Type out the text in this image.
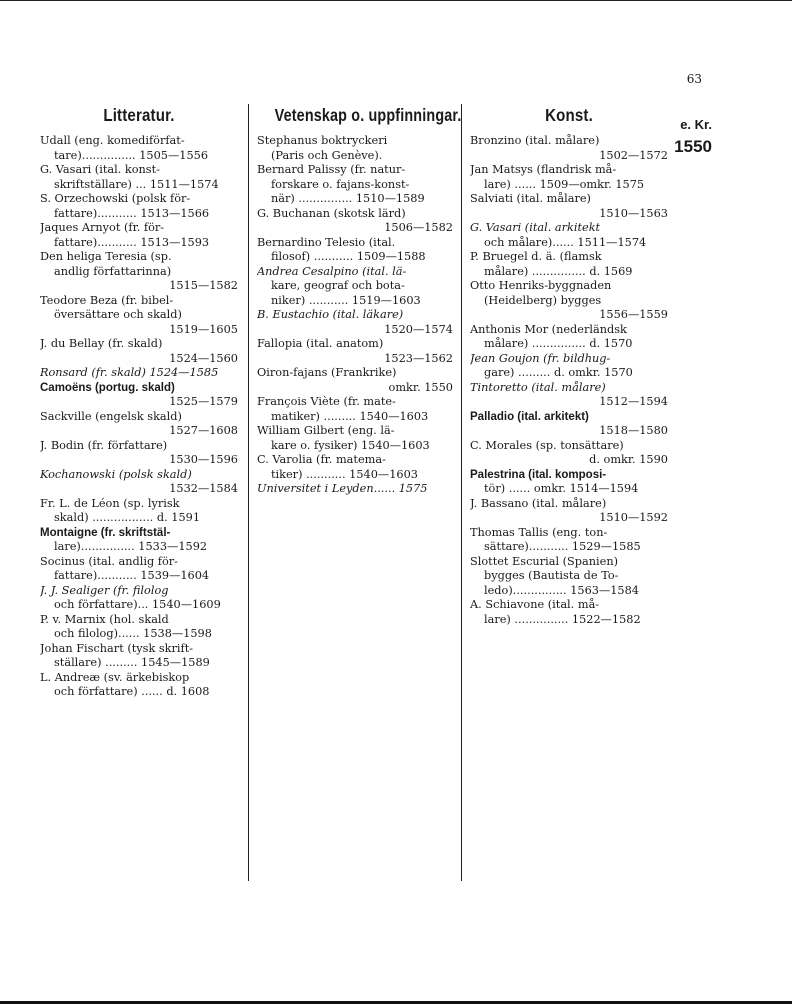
63
Litteratur.
Udall (eng. komediförfat-
tare)............... 1505—1556
G. Vasari (ital. konst-
skriftställare) ... 1511—1574
S. Orzechowski (polsk för-
fattare)........... 1513—1566
Jaques Arnyot (fr. för-
fattare)........... 1513—1593
Den heliga Teresia (sp.
andlig författarinna)
1515—1582
Teodore Beza (fr. bibel-
översättare och skald)
1519—1605
J. du Bellay (fr. skald)
1524—1560
Ronsard (fr. skald) 1524—1585
Camoëns (portug. skald)
1525—1579
Sackville (engelsk skald)
1527—1608
J. Bodin (fr. författare)
1530—1596
Kochanowski (polsk skald)
1532—1584
Fr. L. de Léon (sp. lyrisk
skald) ................. d. 1591
Montaigne (fr. skriftstäl-
lare)............... 1533—1592
Socinus (ital. andlig för-
fattare)........... 1539—1604
J. J. Sealiger (fr. filolog
och författare)... 1540—1609
P. v. Marnix (hol. skald
och filolog)...... 1538—1598
Johan Fischart (tysk skrift-
ställare) ......... 1545—1589
L. Andreæ (sv. ärkebiskop
och författare) ...... d. 1608
Vetenskap o. uppfinningar.
Stephanus boktryckeri
(Paris och Genève).
Bernard Palissy (fr. natur-
forskare o. fajans-konst-
när) ............... 1510—1589
G. Buchanan (skotsk lärd)
1506—1582
Bernardino Telesio (ital.
filosof) ........... 1509—1588
Andrea Cesalpino (ital. lä-
kare, geograf och bota-
niker) ........... 1519—1603
B. Eustachio (ital. läkare)
1520—1574
Fallopia (ital. anatom)
1523—1562
Oiron-fajans (Frankrike)
omkr. 1550
François Viète (fr. mate-
matiker) ......... 1540—1603
William Gilbert (eng. lä-
kare o. fysiker) 1540—1603
C. Varolia (fr. matema-
tiker) ........... 1540—1603
Universitet i Leyden...... 1575
Konst.
Bronzino (ital. målare)
1502—1572
Jan Matsys (flandrisk må-
lare) ...... 1509—omkr. 1575
Salviati (ital. målare)
1510—1563
G. Vasari (ital. arkitekt
och målare)...... 1511—1574
P. Bruegel d. ä. (flamsk
målare) ............... d. 1569
Otto Henriks-byggnaden
(Heidelberg) bygges
1556—1559
Anthonis Mor (nederländsk
målare) ............... d. 1570
Jean Goujon (fr. bildhug-
gare) ......... d. omkr. 1570
Tintoretto (ital. målare)
1512—1594
Palladio (ital. arkitekt)
1518—1580
C. Morales (sp. tonsättare)
d. omkr. 1590
Palestrina (ital. komposi-
tör) ...... omkr. 1514—1594
J. Bassano (ital. målare)
1510—1592
Thomas Tallis (eng. ton-
sättare)........... 1529—1585
Slottet Escurial (Spanien)
bygges (Bautista de To-
ledo)............... 1563—1584
A. Schiavone (ital. må-
lare) ............... 1522—1582
e. Kr.
1550
